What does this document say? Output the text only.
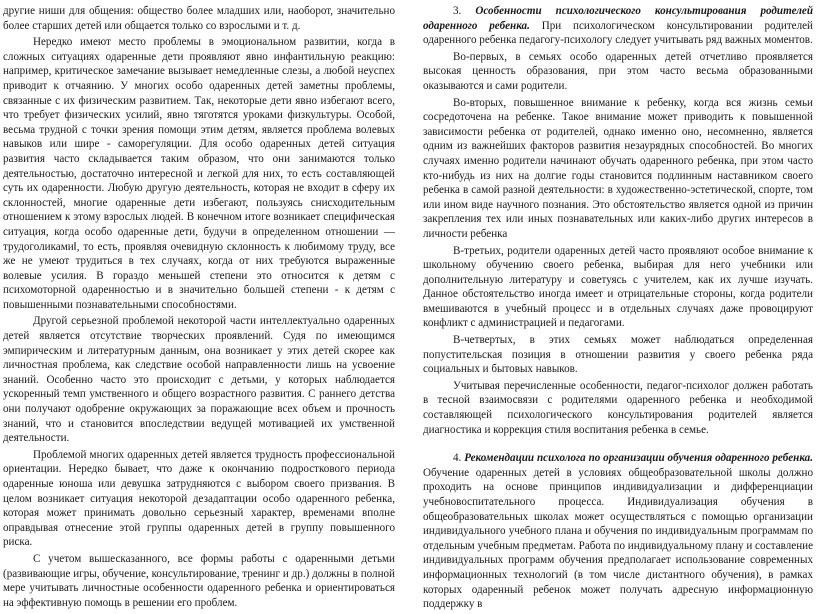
другие ниши для общения: общество более младших или, наоборот, значительно более старших детей или общается только со взрослыми и т. д.

Нередко имеют место проблемы в эмоциональном развитии, когда в сложных ситуациях одаренные дети проявляют явно инфантильную реакцию: например, критическое замечание вызывает немедленные слезы, а любой неуспех приводит к отчаянию. У многих особо одаренных детей заметны проблемы, связанные с их физическим развитием. Так, некоторые дети явно избегают всего, что требует физических усилий, явно тяготятся уроками физкультуры. Особой, весьма трудной с точки зрения помощи этим детям, является проблема волевых навыков или шире - саморегуляции. Для особо одаренных детей ситуация развития часто складывается таким образом, что они занимаются только деятельностью, достаточно интересной и легкой для них, то есть составляющей суть их одаренности. Любую другую деятельность, которая не входит в сферу их склонностей, многие одаренные дети избегают, пользуясь снисходительным отношением к этому взрослых людей. В конечном итоге возникает специфическая ситуация, когда особо одаренные дети, будучи в определенном отношении —трудоголиками‖, то есть, проявляя очевидную склонность к любимому труду, все же не умеют трудиться в тех случаях, когда от них требуются выраженные волевые усилия. В гораздо меньшей степени это относится к детям с психомоторной одаренностью и в значительно большей степени - к детям с повышенными познавательными способностями.

Другой серьезной проблемой некоторой части интеллектуально одаренных детей является отсутствие творческих проявлений. Судя по имеющимся эмпирическим и литературным данным, она возникает у этих детей скорее как личностная проблема, как следствие особой направленности лишь на усвоение знаний. Особенно часто это происходит с детьми, у которых наблюдается ускоренный темп умственного и общего возрастного развития. С раннего детства они получают одобрение окружающих за поражающие всех объем и прочность знаний, что и становится впоследствии ведущей мотивацией их умственной деятельности.

Проблемой многих одаренных детей является трудность профессиональной ориентации. Нередко бывает, что даже к окончанию подросткового периода одаренные юноша или девушка затрудняются с выбором своего призвания. В целом возникает ситуация некоторой дезадаптации особо одаренного ребенка, которая может принимать довольно серьезный характер, временами вполне оправдывая отнесение этой группы одаренных детей в группу повышенного риска.

С учетом вышесказанного, все формы работы с одаренными детьми (развивающие игры, обучение, консультирование, тренинг и др.) должны в полной мере учитывать личностные особенности одаренного ребенка и ориентироваться на эффективную помощь в решении его проблем.

3. Особенности психологического консультирования родителей одаренного ребенка. При психологическом консультировании родителей одаренного ребенка педагогу-психологу следует учитывать ряд важных моментов.

Во-первых, в семьях особо одаренных детей отчетливо проявляется высокая ценность образования, при этом часто весьма образованными оказываются и сами родители.

Во-вторых, повышенное внимание к ребенку, когда вся жизнь семьи сосредоточена на ребенке. Такое внимание может приводить к повышенной зависимости ребенка от родителей, однако именно оно, несомненно, является одним из важнейших факторов развития незаурядных способностей. Во многих случаях именно родители начинают обучать одаренного ребенка, при этом часто кто-нибудь из них на долгие годы становится подлинным наставником своего ребенка в самой разной деятельности: в художественно-эстетической, спорте, том или ином виде научного познания. Это обстоятельство является одной из причин закрепления тех или иных познавательных или каких-либо других интересов в личности ребенка

В-третьих, родители одаренных детей часто проявляют особое внимание к школьному обучению своего ребенка, выбирая для него учебники или дополнительную литературу и советуясь с учителем, как их лучше изучать. Данное обстоятельство иногда имеет и отрицательные стороны, когда родители вмешиваются в учебный процесс и в отдельных случаях даже провоцируют конфликт с администрацией и педагогами.

В-четвертых, в этих семьях может наблюдаться определенная попустительская позиция в отношении развития у своего ребенка ряда социальных и бытовых навыков.

Учитывая перечисленные особенности, педагог-психолог должен работать в тесной взаимосвязи с родителями одаренного ребенка и необходимой составляющей психологического консультирования родителей является диагностика и коррекция стиля воспитания ребенка в семье.

4. Рекомендации психолога по организации обучения одаренного ребенка. Обучение одаренных детей в условиях общеобразовательной школы должно проходить на основе принципов индивидуализации и дифференциации учебновоспитательного процесса. Индивидуализация обучения в общеобразовательных школах может осуществляться с помощью организации индивидуального учебного плана и обучения по индивидуальным программам по отдельным учебным предметам. Работа по индивидуальному плану и составление индивидуальных программ обучения предполагает использование современных информационных технологий (в том числе дистантного обучения), в рамках которых одаренный ребенок может получать адресную информационную поддержку в
